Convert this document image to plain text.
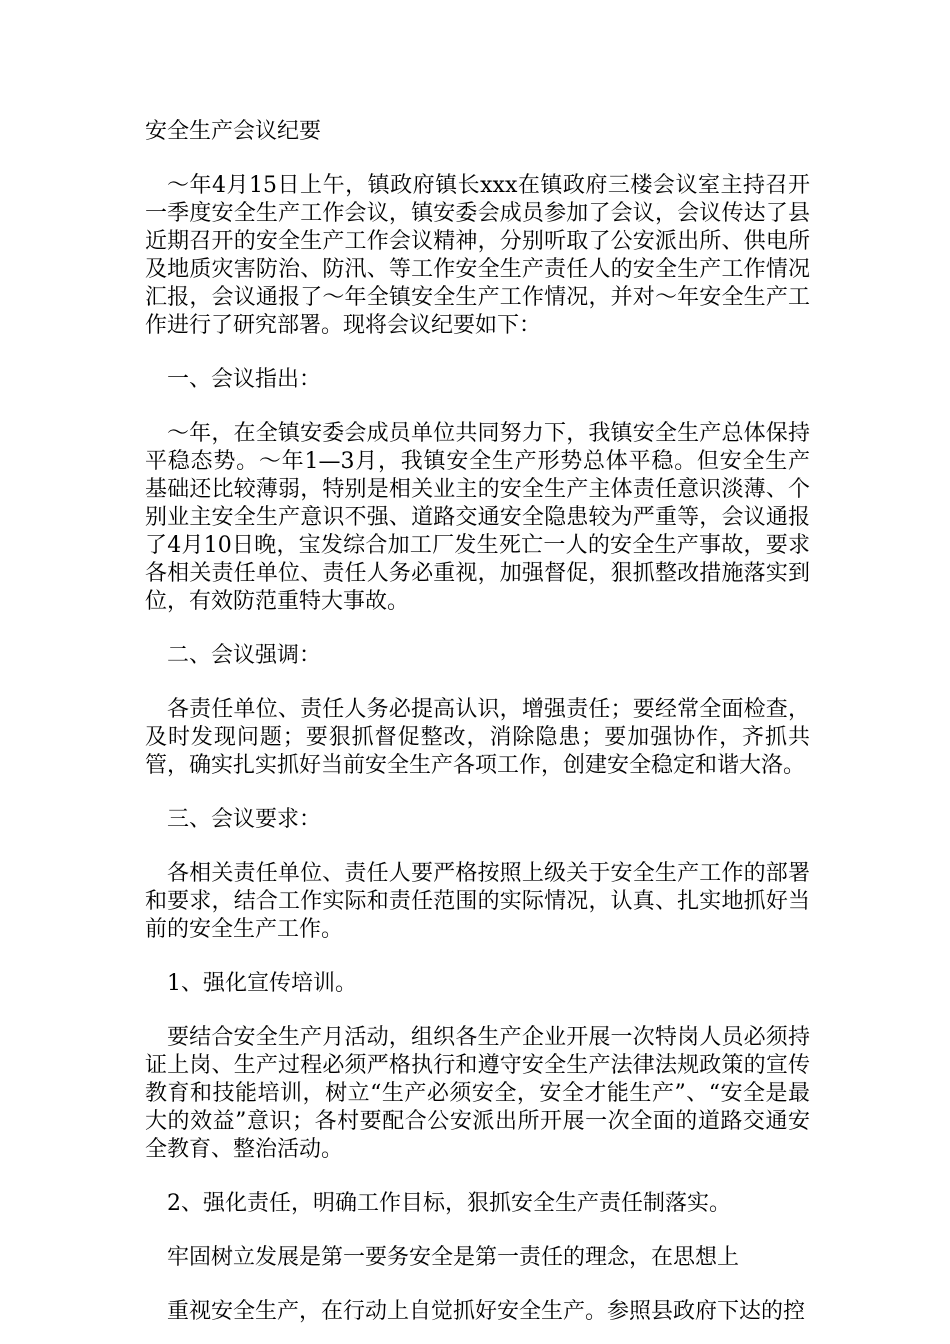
安全生产会议纪要

～年4月15日上午，镇政府镇长xxx在镇政府三楼会议室主持召开一季度安全生产工作会议，镇安委会成员参加了会议，会议传达了县近期召开的安全生产工作会议精神，分别听取了公安派出所、供电所及地质灾害防治、防汛、等工作安全生产责任人的安全生产工作情况汇报，会议通报了～年全镇安全生产工作情况，并对～年安全生产工作进行了研究部署。现将会议纪要如下：

一、会议指出：

～年，在全镇安委会成员单位共同努力下，我镇安全生产总体保持平稳态势。～年1—3月，我镇安全生产形势总体平稳。但安全生产基础还比较薄弱，特别是相关业主的安全生产主体责任意识淡薄、个别业主安全生产意识不强、道路交通安全隐患较为严重等，会议通报了4月10日晚，宝发综合加工厂发生死亡一人的安全生产事故，要求各相关责任单位、责任人务必重视，加强督促，狠抓整改措施落实到位，有效防范重特大事故。

二、会议强调：

各责任单位、责任人务必提高认识，增强责任；要经常全面检查，及时发现问题；要狠抓督促整改，消除隐患；要加强协作，齐抓共管，确实扎实抓好当前安全生产各项工作，创建安全稳定和谐大洛。

三、会议要求：

各相关责任单位、责任人要严格按照上级关于安全生产工作的部署和要求，结合工作实际和责任范围的实际情况，认真、扎实地抓好当前的安全生产工作。

1、强化宣传培训。

要结合安全生产月活动，组织各生产企业开展一次特岗人员必须持证上岗、生产过程必须严格执行和遵守安全生产法律法规政策的宣传教育和技能培训，树立“生产必须安全，安全才能生产”、“安全是最大的效益”意识；各村要配合公安派出所开展一次全面的道路交通安全教育、整治活动。

2、强化责任，明确工作目标，狠抓安全生产责任制落实。

牢固树立发展是第一要务安全是第一责任的理念，在思想上

重视安全生产，在行动上自觉抓好安全生产。参照县政府下达的控
